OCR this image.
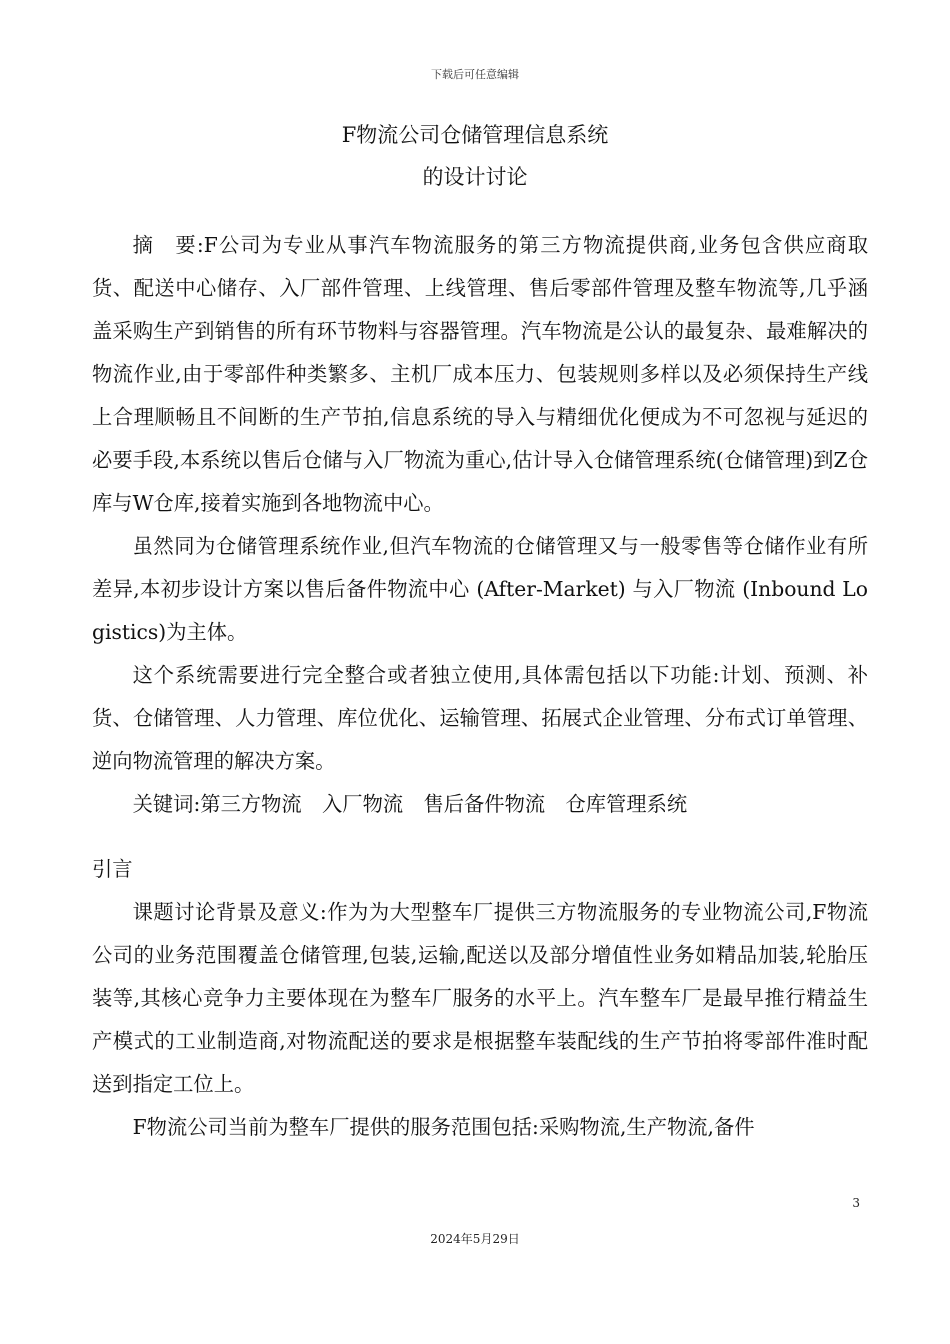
下载后可任意编辑
F物流公司仓储管理信息系统
的设计讨论

摘　要:F公司为专业从事汽车物流服务的第三方物流提供商,业务包含供应商取货、配送中心储存、入厂部件管理、上线管理、售后零部件管理及整车物流等,几乎涵盖采购生产到销售的所有环节物料与容器管理。汽车物流是公认的最复杂、最难解决的物流作业,由于零部件种类繁多、主机厂成本压力、包装规则多样以及必须保持生产线上合理顺畅且不间断的生产节拍,信息系统的导入与精细优化便成为不可忽视与延迟的必要手段,本系统以售后仓储与入厂物流为重心,估计导入仓储管理系统(仓储管理)到Z仓库与W仓库,接着实施到各地物流中心。

虽然同为仓储管理系统作业,但汽车物流的仓储管理又与一般零售等仓储作业有所差异,本初步设计方案以售后备件物流中心 (After-Market) 与入厂物流 (Inbound Logistics)为主体。

这个系统需要进行完全整合或者独立使用,具体需包括以下功能:计划、预测、补货、仓储管理、人力管理、库位优化、运输管理、拓展式企业管理、分布式订单管理、逆向物流管理的解决方案。

关键词:第三方物流 入厂物流 售后备件物流 仓库管理系统

引言

课题讨论背景及意义:作为为大型整车厂提供三方物流服务的专业物流公司,F物流公司的业务范围覆盖仓储管理,包装,运输,配送以及部分增值性业务如精品加装,轮胎压装等,其核心竞争力主要体现在为整车厂服务的水平上。汽车整车厂是最早推行精益生产模式的工业制造商,对物流配送的要求是根据整车装配线的生产节拍将零部件准时配送到指定工位上。

F物流公司当前为整车厂提供的服务范围包括:采购物流,生产物流,备件

3
2024年5月29日
